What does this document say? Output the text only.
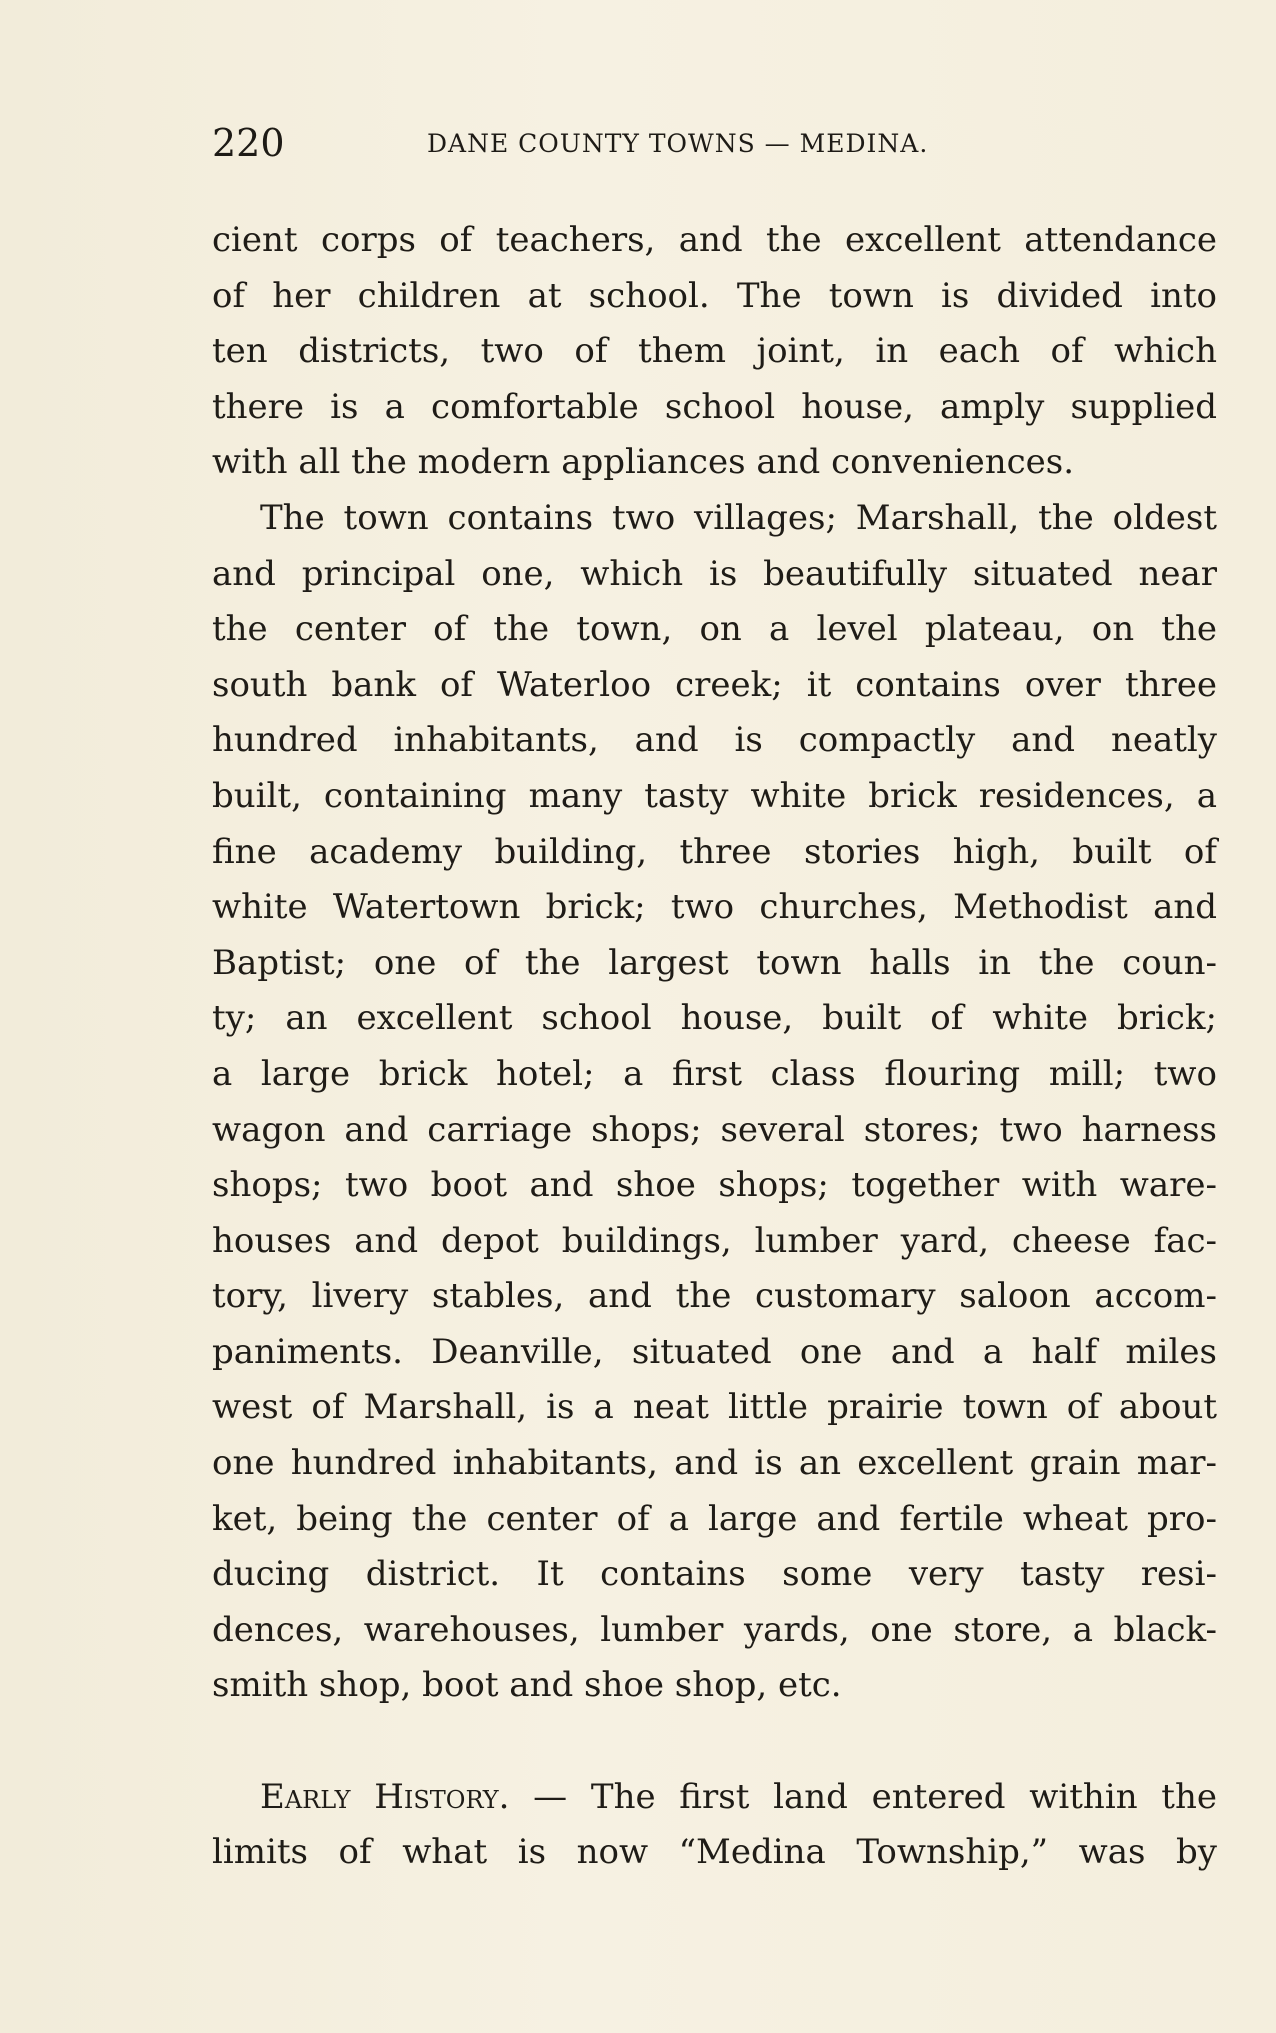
220	DANE COUNTY TOWNS — MEDINA.
cient corps of teachers, and the excellent attendance
of her children at school. The town is divided into
ten districts, two of them joint, in each of which
there is a comfortable school house, amply supplied
with all the modern appliances and conveniences.
The town contains two villages; Marshall, the oldest
and principal one, which is beautifully situated near
the center of the town, on a level plateau, on the
south bank of Waterloo creek; it contains over three
hundred inhabitants, and is compactly and neatly
built, containing many tasty white brick residences, a
fine academy building, three stories high, built of
white Watertown brick; two churches, Methodist and
Baptist; one of the largest town halls in the coun-
ty; an excellent school house, built of white brick;
a large brick hotel; a first class flouring mill; two
wagon and carriage shops; several stores; two harness
shops; two boot and shoe shops; together with ware-
houses and depot buildings, lumber yard, cheese fac-
tory, livery stables, and the customary saloon accom-
paniments. Deanville, situated one and a half miles
west of Marshall, is a neat little prairie town of about
one hundred inhabitants, and is an excellent grain mar-
ket, being the center of a large and fertile wheat pro-
ducing district. It contains some very tasty resi-
dences, warehouses, lumber yards, one store, a black-
smith shop, boot and shoe shop, etc.
Early History. — The first land entered within the
limits of what is now “Medina Township,” was by
